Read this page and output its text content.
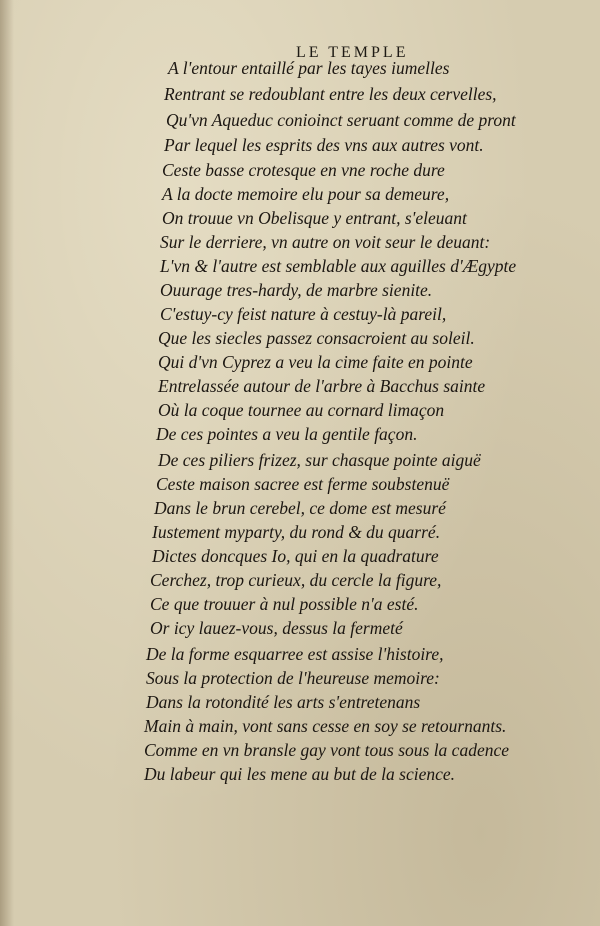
LE TEMPLE
A l'entour entaillé par les tayes iumelles
Rentrant se redoublant entre les deux cervelles,
Qu'vn Aqueduc conioinct seruant comme de pront
Par lequel les esprits des vns aux autres vont.
Ceste basse crotesque en vne roche dure
A la docte memoire elu pour sa demeure,
On trouue vn Obelisque y entrant, s'eleuant
Sur le derriere, vn autre on voit seur le deuant:
L'vn & l'autre est semblable aux aguilles d'Ægypte
Ouurage tres-hardy, de marbre sienite.
C'estuy-cy feist nature à cestuy-là pareil,
Que les siecles passez consacroient au soleil.
Qui d'vn Cyprez a veu la cime faite en pointe
Entrelassée autour de l'arbre à Bacchus sainte
Où la coque tournee au cornard limaçon
De ces pointes a veu la gentile façon.
De ces piliers frizez, sur chasque pointe aiguë
Ceste maison sacree est ferme soubstenuë
Dans le brun cerebel, ce dome est mesuré
Iustement myparty, du rond & du quarré.
Dictes doncques Io, qui en la quadrature
Cerchez, trop curieux, du cercle la figure,
Ce que trouuer à nul possible n'a esté.
Or icy lauez-vous, dessus la fermeté
De la forme esquarree est assise l'histoire,
Sous la protection de l'heureuse memoire:
Dans la rotondité les arts s'entretenans
Main à main, vont sans cesse en soy se retournants.
Comme en vn bransle gay vont tous sous la cadence
Du labeur qui les mene au but de la science.
